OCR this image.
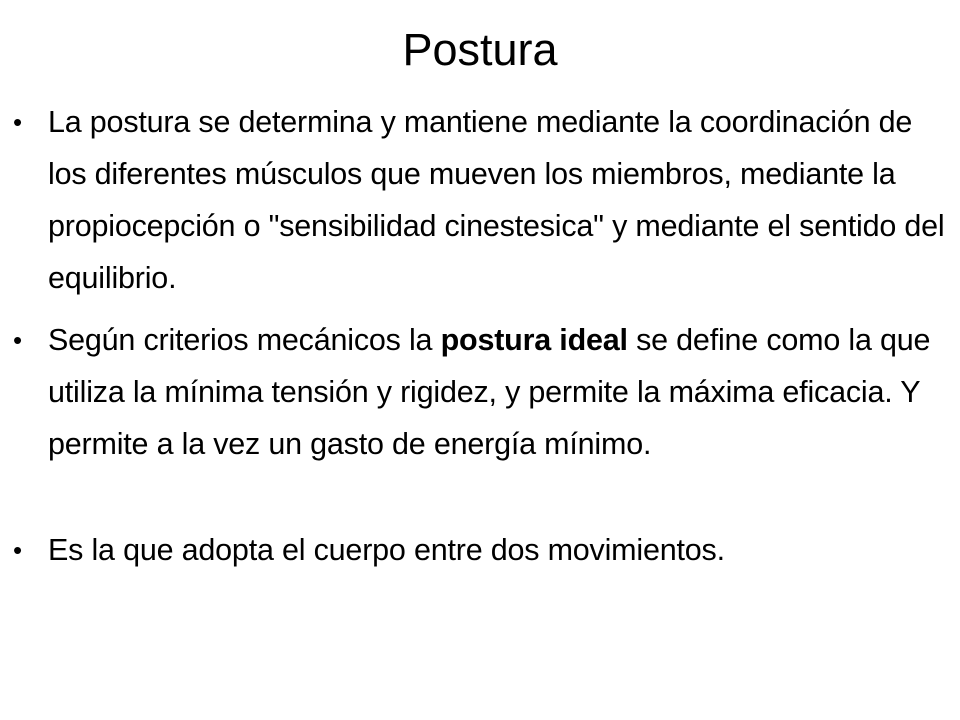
Postura
• La postura se determina y mantiene mediante la coordinación de los diferentes músculos que mueven los miembros, mediante la propiocepción o "sensibilidad cinestesica" y mediante el sentido del equilibrio.
• Según criterios mecánicos la postura ideal se define como la que utiliza la mínima tensión y rigidez, y permite la máxima eficacia. Y permite a la vez un gasto de energía mínimo.
• Es la que adopta el cuerpo entre dos movimientos.
